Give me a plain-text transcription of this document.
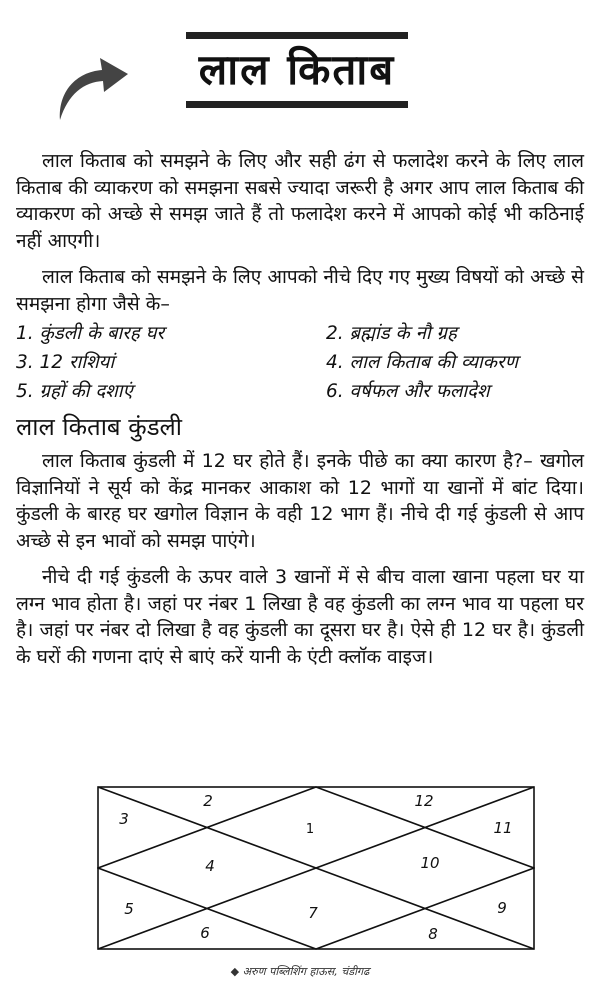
लाल किताब

लाल किताब को समझने के लिए और सही ढंग से फलादेश करने के लिए लाल किताब की व्याकरण को समझना सबसे ज्यादा जरूरी है अगर आप लाल किताब की व्याकरण को अच्छे से समझ जाते हैं तो फलादेश करने में आपको कोई भी कठिनाई नहीं आएगी।

लाल किताब को समझने के लिए आपको नीचे दिए गए मुख्य विषयों को अच्छे से समझना होगा जैसे के–

1. कुंडली के बारह घर	2. ब्रह्मांड के नौ ग्रह
3. 12 राशियां	4. लाल किताब की व्याकरण
5. ग्रहों की दशाएं	6. वर्षफल और फलादेश
लाल किताब कुंडली

लाल किताब कुंडली में 12 घर होते हैं। इनके पीछे का क्या कारण है?– खगोल विज्ञानियों ने सूर्य को केंद्र मानकर आकाश को 12 भागों या खानों में बांट दिया। कुंडली के बारह घर खगोल विज्ञान के वही 12 भाग हैं। नीचे दी गई कुंडली से आप अच्छे से इन भावों को समझ पाएंगे।

नीचे दी गई कुंडली के ऊपर वाले 3 खानों में से बीच वाला खाना पहला घर या लग्न भाव होता है। जहां पर नंबर 1 लिखा है वह कुंडली का लग्न भाव या पहला घर है। जहां पर नंबर दो लिखा है वह कुंडली का दूसरा घर है। ऐसे ही 12 घर है। कुंडली के घरों की गणना दाएं से बाएं करें यानी के एंटी क्लॉक वाइज।

1
2
3
4
5
6
7
8
9
10
11
12
◆ अरुण पब्लिशिंग हाऊस, चंडीगढ
